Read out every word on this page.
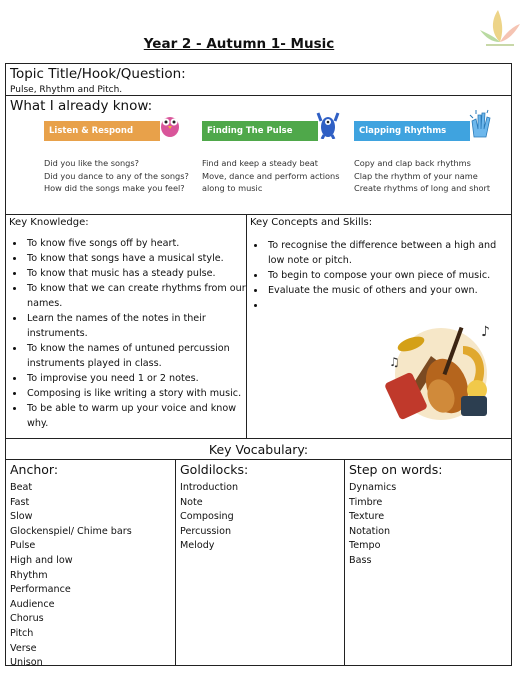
Year 2 - Autumn 1- Music
Topic Title/Hook/Question:
Pulse, Rhythm and Pitch.
What I already know:
Listen & Respond
Did you like the songs?
Did you dance to any of the songs?
How did the songs make you feel?
Finding The Pulse
Find and keep a steady beat
Move, dance and perform actions
along to music
Clapping Rhythms
Copy and clap back rhythms
Clap the rhythm of your name
Create rhythms of long and short
Key Knowledge:
• To know five songs off by heart.
• To know that songs have a musical style.
• To know that music has a steady pulse.
• To know that we can create rhythms from our names.
• Learn the names of the notes in their instruments.
• To know the names of untuned percussion instruments played in class.
• To improvise you need 1 or 2 notes.
• Composing is like writing a story with music.
• To be able to warm up your voice and know why.
Key Concepts and Skills:
• To recognise the difference between a high and low note or pitch.
• To begin to compose your own piece of music.
• Evaluate the music of others and your own.
•
♪
♫
Key Vocabulary:
Anchor:
Beat
Fast
Slow
Glockenspiel/ Chime bars
Pulse
High and low
Rhythm
Performance
Audience
Chorus
Pitch
Verse
Unison
Goldilocks:
Introduction
Note
Composing
Percussion
Melody
Step on words:
Dynamics
Timbre
Texture
Notation
Tempo
Bass
